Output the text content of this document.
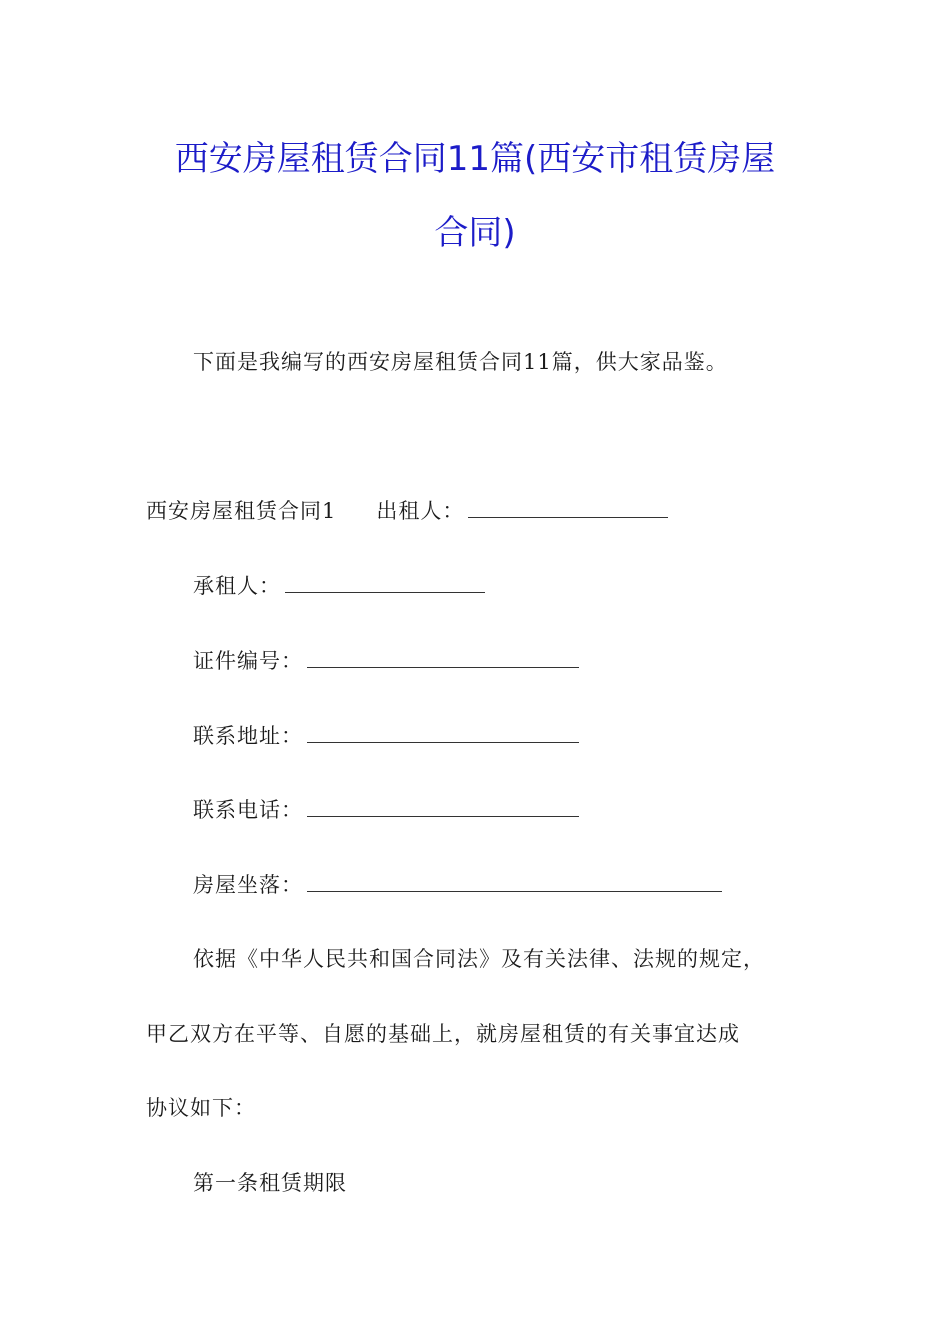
西安房屋租赁合同11篇(西安市租赁房屋
合同)

下面是我编写的西安房屋租赁合同11篇，供大家品鉴。

西安房屋租赁合同1 出租人：

承租人：

证件编号：

联系地址：

联系电话：

房屋坐落：

依据《中华人民共和国合同法》及有关法律、法规的规定，

甲乙双方在平等、自愿的基础上，就房屋租赁的有关事宜达成

协议如下：

第一条租赁期限
